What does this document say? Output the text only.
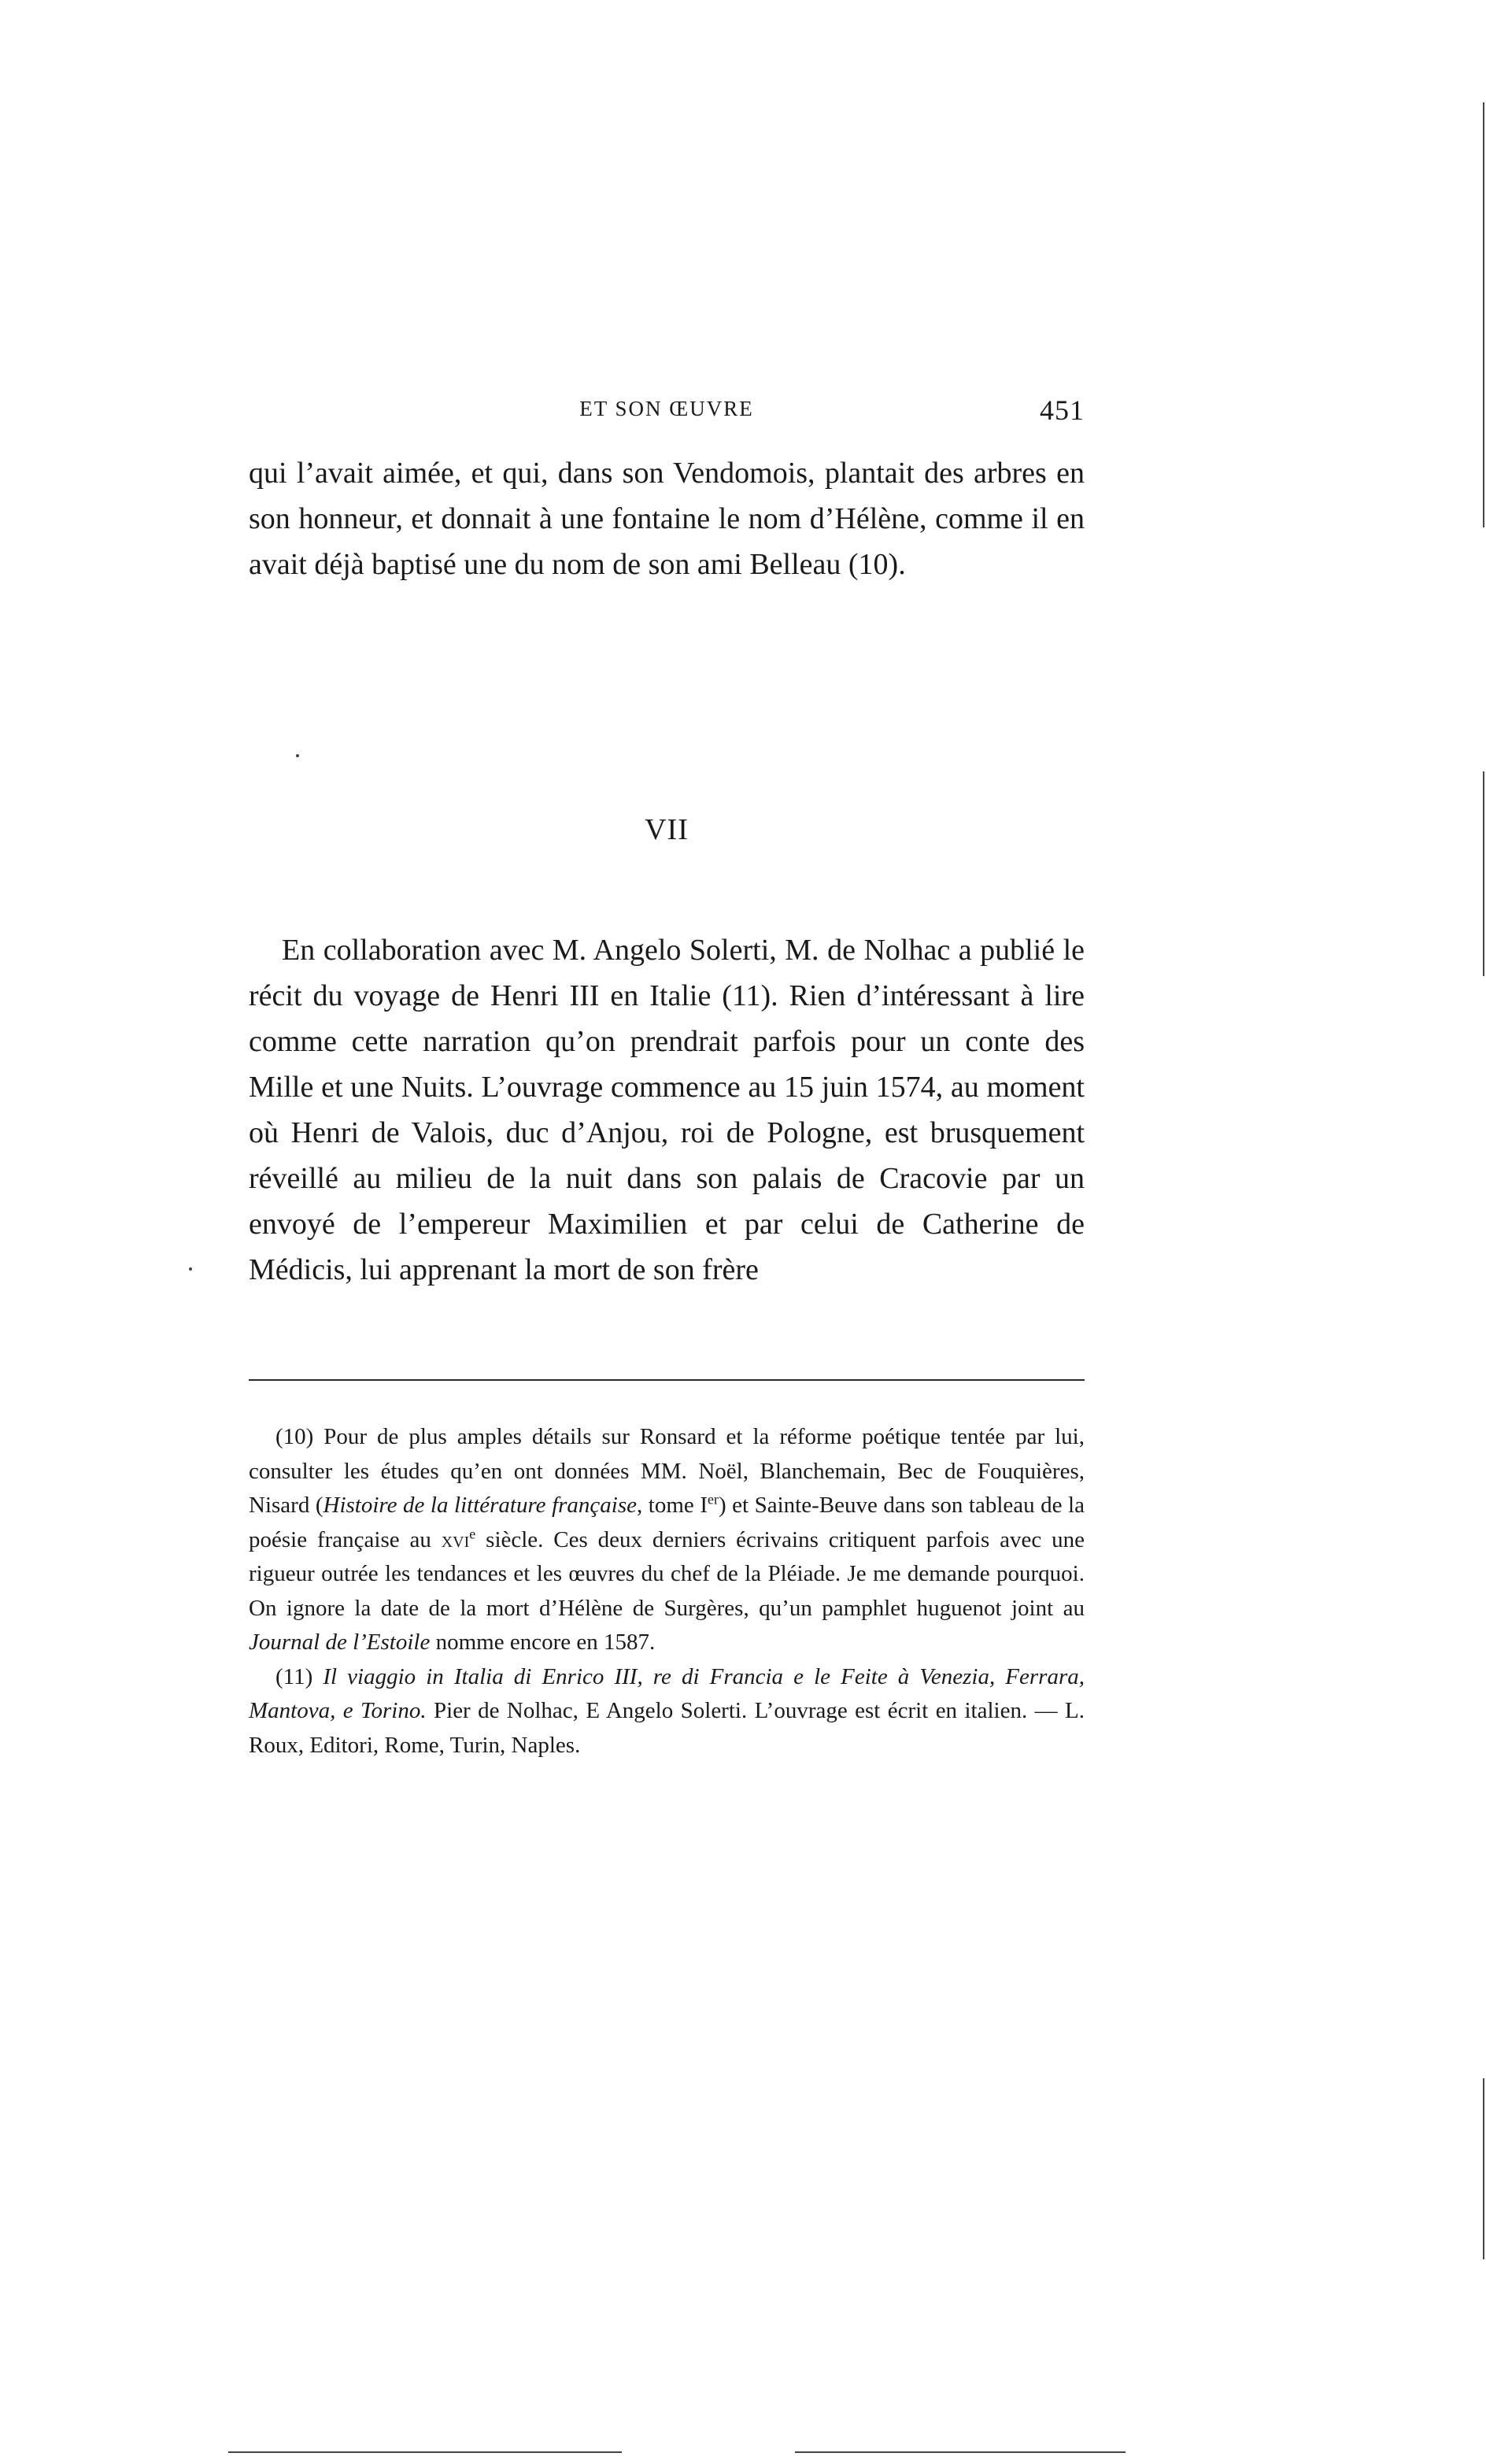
ET SON ŒUVRE	451

qui l’avait aimée, et qui, dans son Vendomois, plantait des arbres en son honneur, et donnait à une fontaine le nom d’Hélène, comme il en avait déjà baptisé une du nom de son ami Belleau (10).

VII

En collaboration avec M. Angelo Solerti, M. de Nolhac a publié le récit du voyage de Henri III en Italie (11). Rien d’intéressant à lire comme cette narration qu’on prendrait parfois pour un conte des Mille et une Nuits. L’ouvrage commence au 15 juin 1574, au moment où Henri de Valois, duc d’Anjou, roi de Pologne, est brusquement réveillé au milieu de la nuit dans son palais de Cracovie par un envoyé de l’empereur Maximilien et par celui de Catherine de Médicis, lui apprenant la mort de son frère

(10) Pour de plus amples détails sur Ronsard et la réforme poétique tentée par lui, consulter les études qu’en ont données MM. Noël, Blanchemain, Bec de Fouquières, Nisard (Histoire de la littérature française, tome Ier) et Sainte-Beuve dans son tableau de la poésie française au xvi$^e$ siècle. Ces deux derniers écrivains critiquent parfois avec une rigueur outrée les tendances et les œuvres du chef de la Pléiade. Je me demande pourquoi. On ignore la date de la mort d’Hélène de Surgères, qu’un pamphlet huguenot joint au Journal de l’Estoile nomme encore en 1587.

(11) Il viaggio in Italia di Enrico III, re di Francia e le Feite à Venezia, Ferrara, Mantova, e Torino. Pier de Nolhac, E Angelo Solerti. L’ouvrage est écrit en italien. — L. Roux, Editori, Rome, Turin, Naples.
